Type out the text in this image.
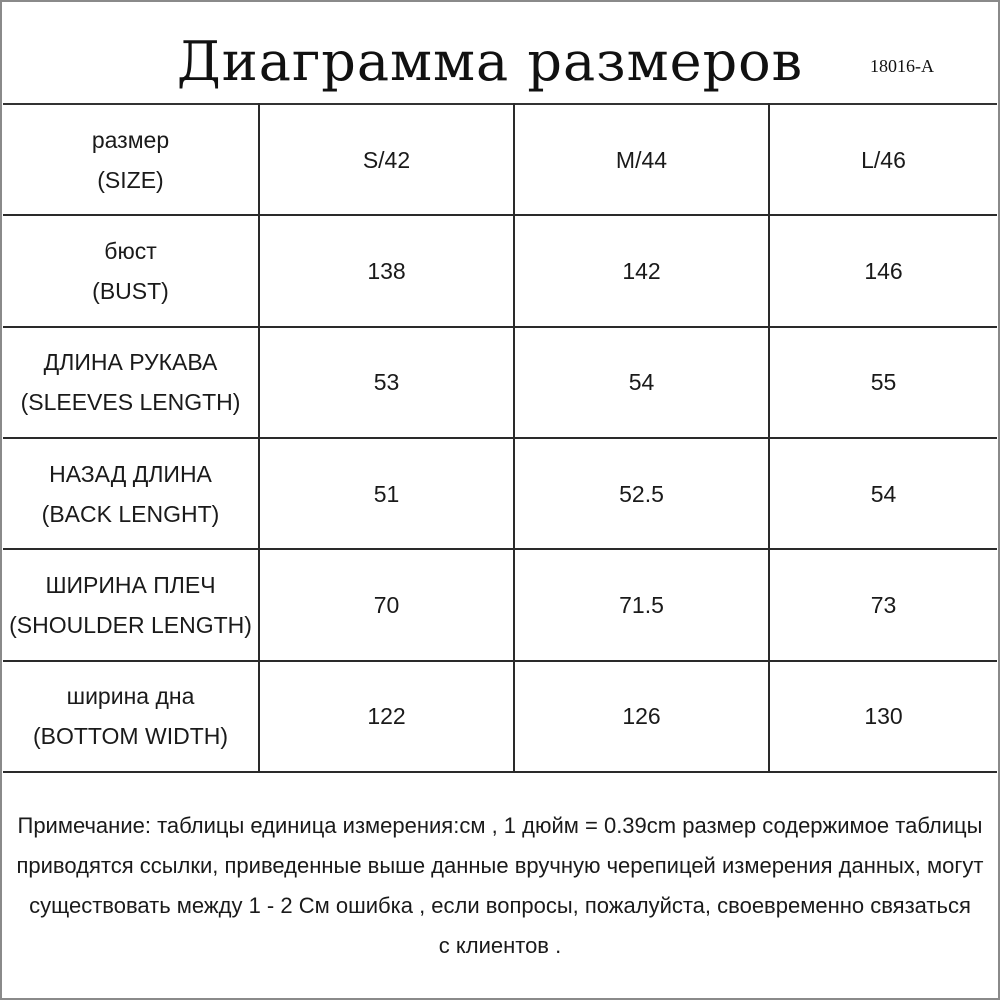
Диаграмма размеров	18016-A
размер
(SIZE)	S/42	M/44	L/46

бюст
(BUST)	138	142	146

ДЛИНА РУКАВА
(SLEEVES LENGTH)	53	54	55

НАЗАД ДЛИНА
(BACK LENGHT)	51	52.5	54

ШИРИНА ПЛЕЧ
(SHOULDER LENGTH)	70	71.5	73

ширина дна
(BOTTOM WIDTH)	122	126	130
Примечание: таблицы единица измерения:см , 1 дюйм = 0.39cm размер содержимое таблицы
приводятся ссылки, приведенные выше данные вручную черепицей измерения данных, могут
существовать между 1 - 2 См ошибка , если вопросы, пожалуйста, своевременно связаться
с клиентов .
